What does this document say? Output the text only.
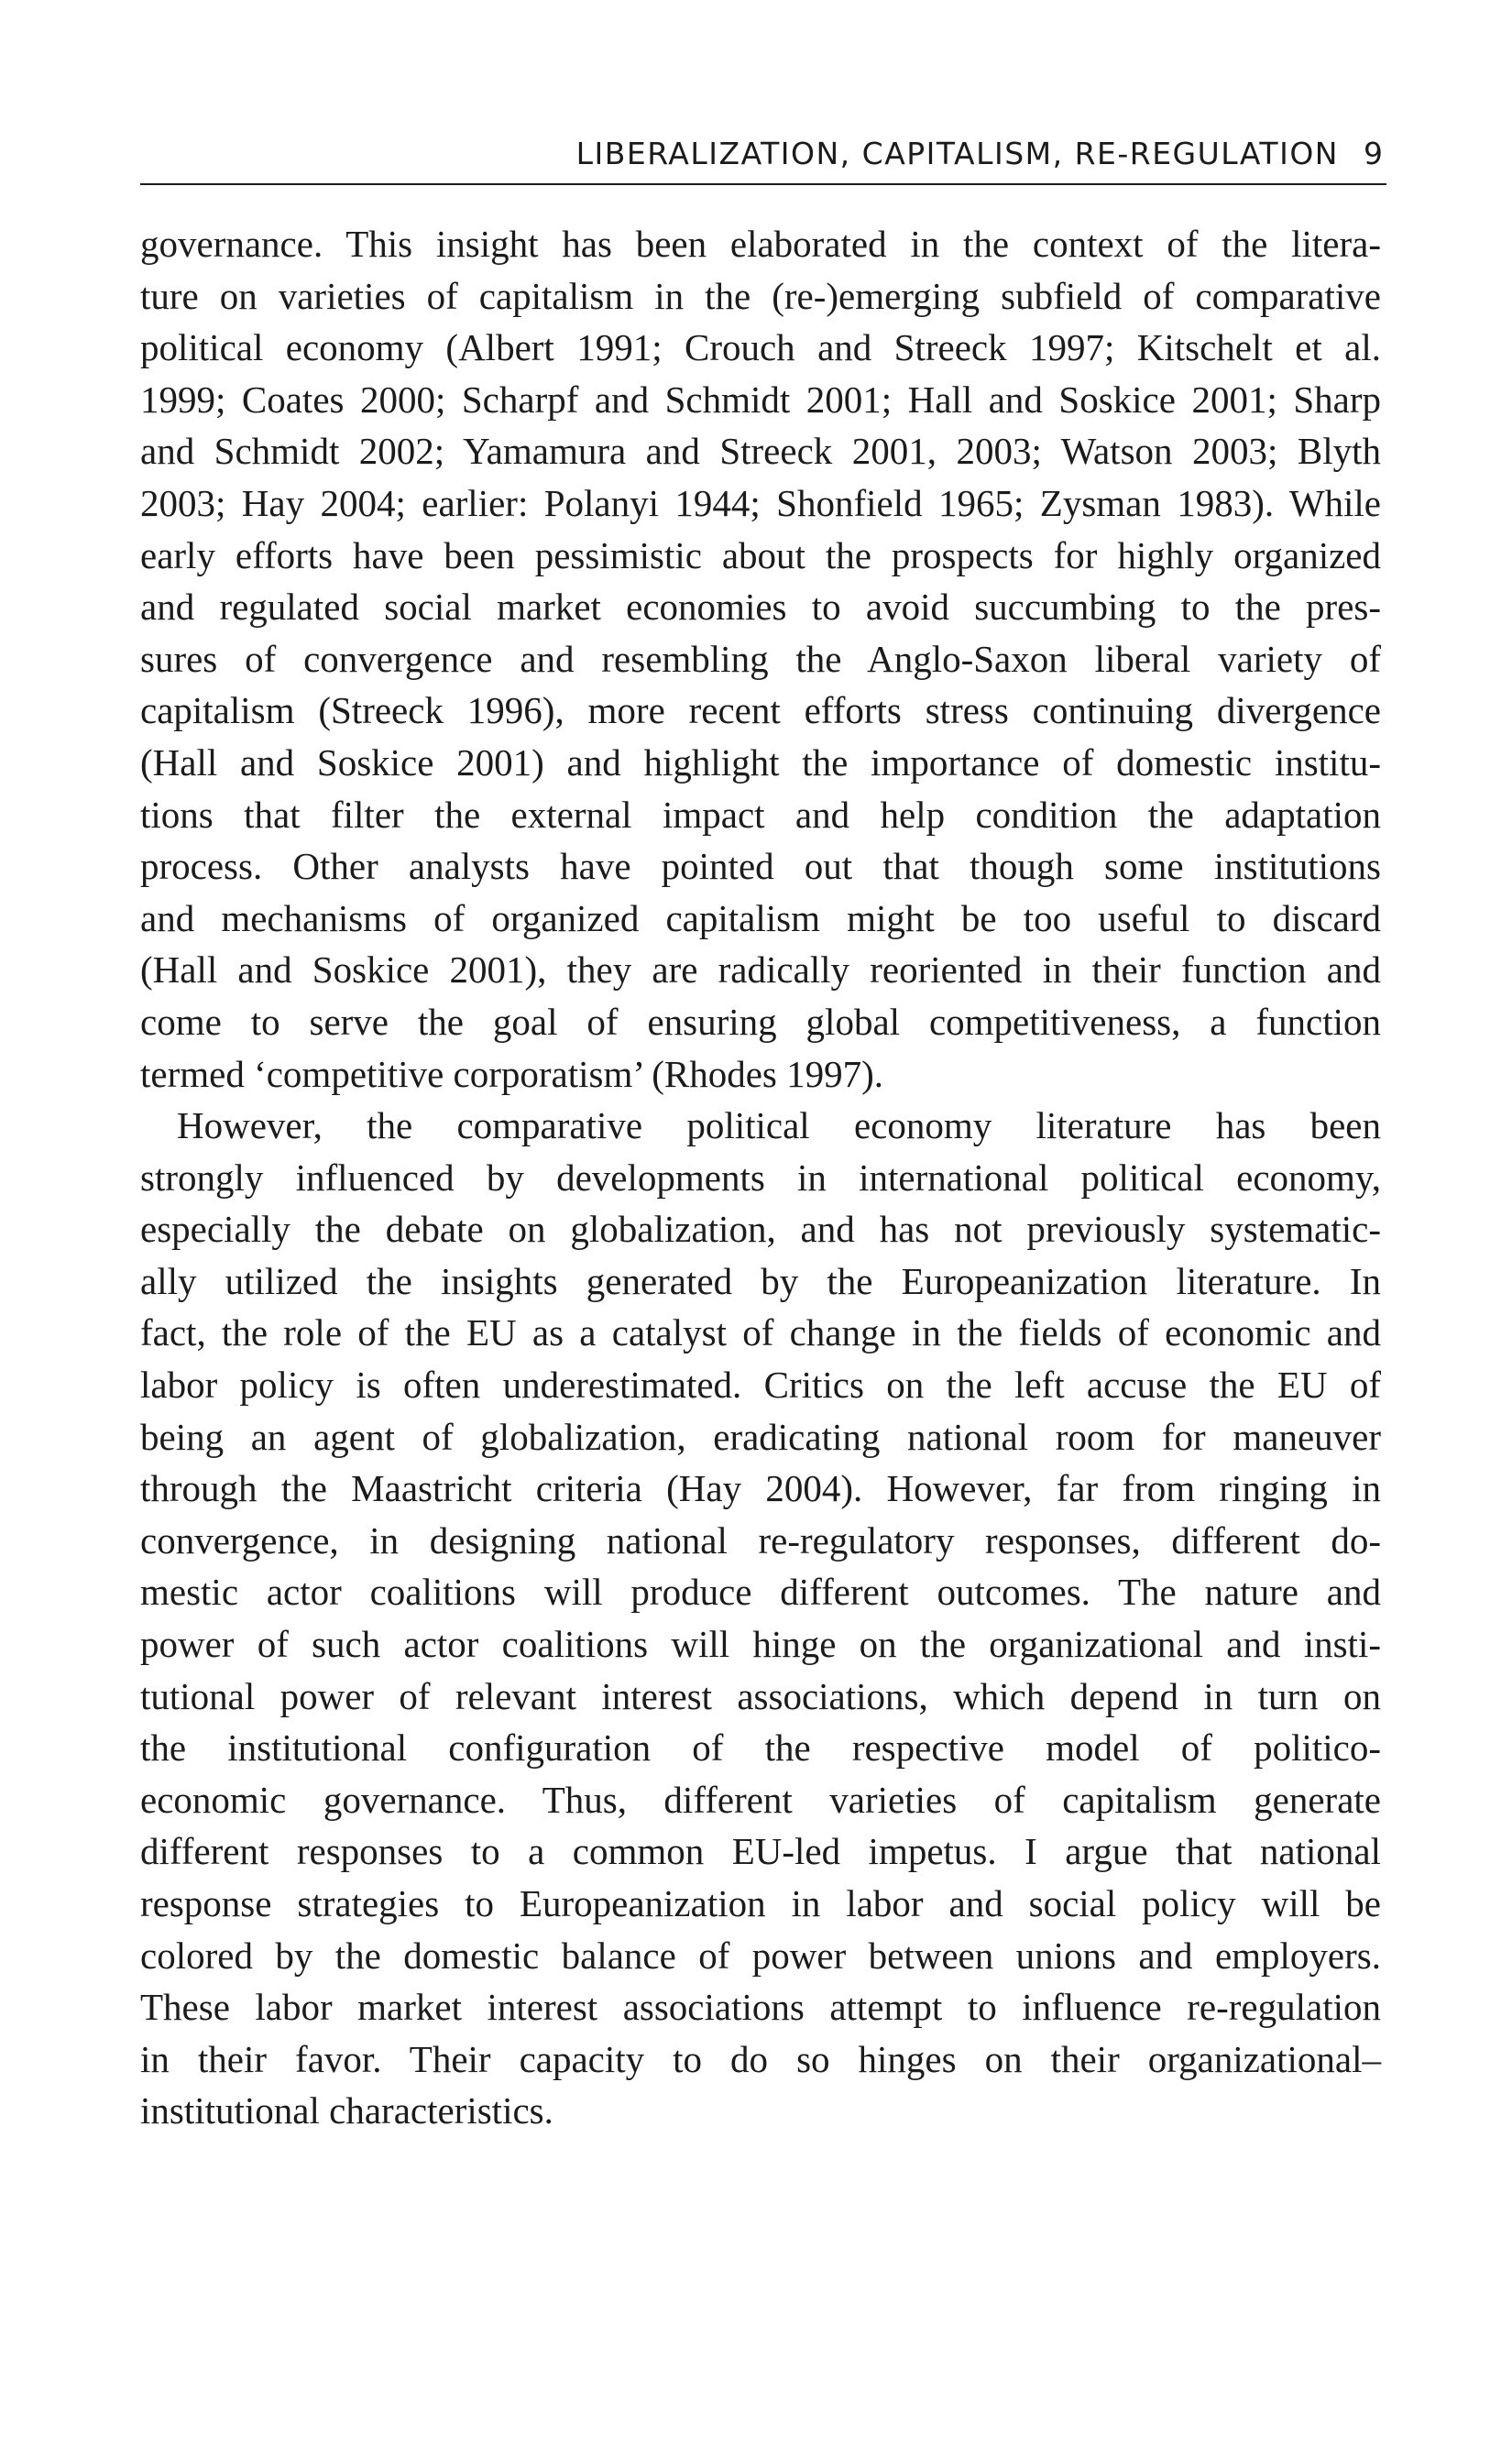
LIBERALIZATION, CAPITALISM, RE-REGULATION 9
governance. This insight has been elaborated in the context of the litera-
ture on varieties of capitalism in the (re-)emerging subfield of comparative
political economy (Albert 1991; Crouch and Streeck 1997; Kitschelt et al.
1999; Coates 2000; Scharpf and Schmidt 2001; Hall and Soskice 2001; Sharp
and Schmidt 2002; Yamamura and Streeck 2001, 2003; Watson 2003; Blyth
2003; Hay 2004; earlier: Polanyi 1944; Shonfield 1965; Zysman 1983). While
early efforts have been pessimistic about the prospects for highly organized
and regulated social market economies to avoid succumbing to the pres-
sures of convergence and resembling the Anglo-Saxon liberal variety of
capitalism (Streeck 1996), more recent efforts stress continuing divergence
(Hall and Soskice 2001) and highlight the importance of domestic institu-
tions that filter the external impact and help condition the adaptation
process. Other analysts have pointed out that though some institutions
and mechanisms of organized capitalism might be too useful to discard
(Hall and Soskice 2001), they are radically reoriented in their function and
come to serve the goal of ensuring global competitiveness, a function
termed ‘competitive corporatism’ (Rhodes 1997).
However, the comparative political economy literature has been
strongly influenced by developments in international political economy,
especially the debate on globalization, and has not previously systematic-
ally utilized the insights generated by the Europeanization literature. In
fact, the role of the EU as a catalyst of change in the fields of economic and
labor policy is often underestimated. Critics on the left accuse the EU of
being an agent of globalization, eradicating national room for maneuver
through the Maastricht criteria (Hay 2004). However, far from ringing in
convergence, in designing national re-regulatory responses, different do-
mestic actor coalitions will produce different outcomes. The nature and
power of such actor coalitions will hinge on the organizational and insti-
tutional power of relevant interest associations, which depend in turn on
the institutional configuration of the respective model of politico-
economic governance. Thus, different varieties of capitalism generate
different responses to a common EU-led impetus. I argue that national
response strategies to Europeanization in labor and social policy will be
colored by the domestic balance of power between unions and employers.
These labor market interest associations attempt to influence re-regulation
in their favor. Their capacity to do so hinges on their organizational–
institutional characteristics.
